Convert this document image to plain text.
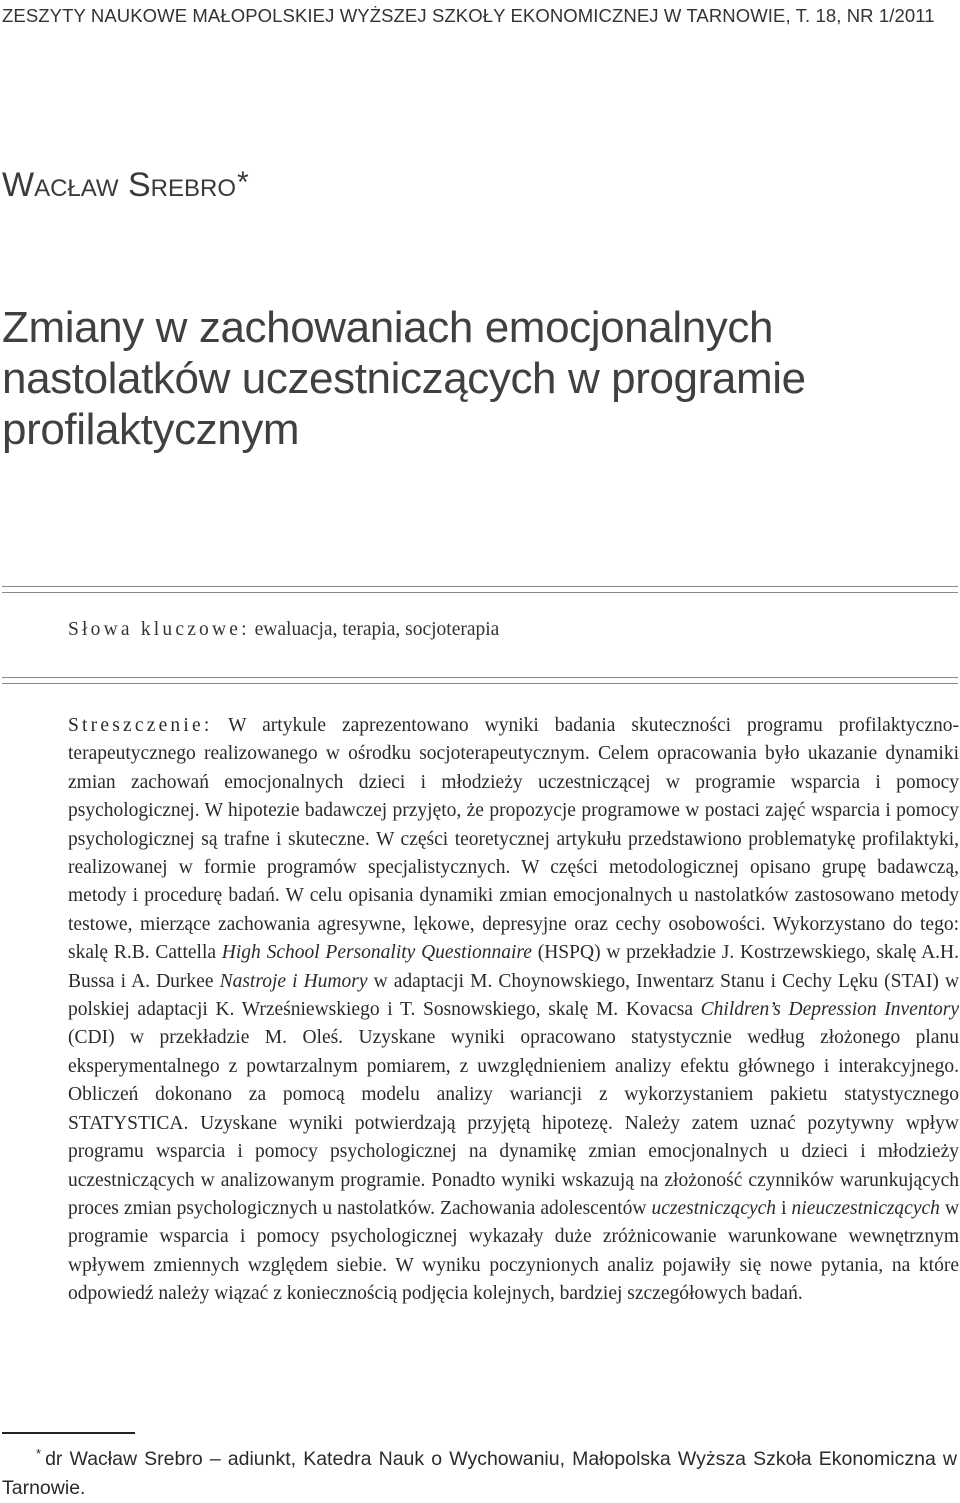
ZESZYTY NAUKOWE MAŁOPOLSKIEJ WYŻSZEJ SZKOŁY EKONOMICZNEJ W TARNOWIE, T. 18, NR 1/2011
Wacław Srebro*
Zmiany w zachowaniach emocjonalnych
nastolatków uczestniczących w programie
profilaktycznym
Słowa kluczowe: ewaluacja, terapia, socjoterapia
Streszczenie: W artykule zaprezentowano wyniki badania skuteczności programu profilaktyczno-terapeutycznego realizowanego w ośrodku socjoterapeutycznym. Celem opracowania było ukazanie dynamiki zmian zachowań emocjonalnych dzieci i młodzieży uczestniczącej w programie wsparcia i pomocy psychologicznej. W hipotezie badawczej przyjęto, że propozycje programowe w postaci zajęć wsparcia i pomocy psychologicznej są trafne i skuteczne. W części teoretycznej artykułu przedstawiono problematykę profilaktyki, realizowanej w formie programów specjalistycznych. W części metodologicznej opisano grupę badawczą, metody i procedurę badań. W celu opisania dynamiki zmian emocjonalnych u nastolatków zastosowano metody testowe, mierzące zachowania agresywne, lękowe, depresyjne oraz cechy osobowości. Wykorzystano do tego: skalę R.B. Cattella High School Personality Questionnaire (HSPQ) w przekładzie J. Kostrzewskiego, skalę A.H. Bussa i A. Durkee Nastroje i Humory w adaptacji M. Choynowskiego, Inwentarz Stanu i Cechy Lęku (STAI) w polskiej adaptacji K. Wrześniewskiego i T. Sosnowskiego, skalę M. Kovacsa Children’s Depression Inventory (CDI) w przekładzie M. Oleś. Uzyskane wyniki opracowano statystycznie według złożonego planu eksperymentalnego z powtarzalnym pomiarem, z uwzględnieniem analizy efektu głównego i interakcyjnego. Obliczeń dokonano za pomocą modelu analizy wariancji z wykorzystaniem pakietu statystycznego STATYSTICA. Uzyskane wyniki potwierdzają przyjętą hipotezę. Należy zatem uznać pozytywny wpływ programu wsparcia i pomocy psychologicznej na dynamikę zmian emocjonalnych u dzieci i młodzieży uczestniczących w analizowanym programie. Ponadto wyniki wskazują na złożoność czynników warunkujących proces zmian psychologicznych u nastolatków. Zachowania adolescentów uczestniczących i nieuczestniczących w programie wsparcia i pomocy psychologicznej wykazały duże zróżnicowanie warunkowane wewnętrznym wpływem zmiennych względem siebie. W wyniku poczynionych analiz pojawiły się nowe pytania, na które odpowiedź należy wiązać z koniecznością podjęcia kolejnych, bardziej szczegółowych badań.
* dr Wacław Srebro – adiunkt, Katedra Nauk o Wychowaniu, Małopolska Wyższa Szkoła Ekonomiczna w Tarnowie.
